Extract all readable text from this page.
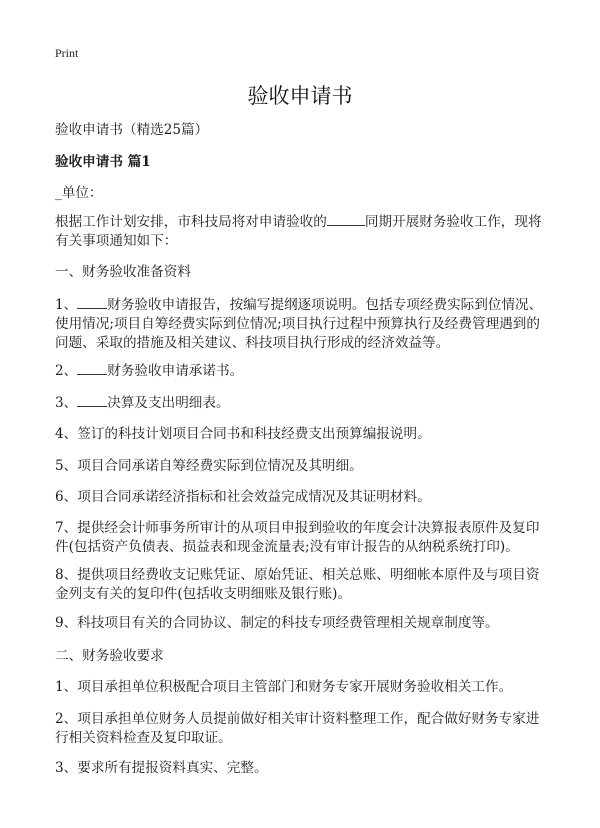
Print
验收申请书

验收申请书（精选25篇）

验收申请书 篇1

_单位：

根据工作计划安排，市科技局将对申请验收的	同期开展财务验收工作，现将有关事项通知如下：

一、财务验收准备资料

1、 财务验收申请报告，按编写提纲逐项说明。包括专项经费实际到位情况、使用情况;项目自筹经费实际到位情况;项目执行过程中预算执行及经费管理遇到的问题、采取的措施及相关建议、科技项目执行形成的经济效益等。

2、 财务验收申请承诺书。

3、 决算及支出明细表。

4、签订的科技计划项目合同书和科技经费支出预算编报说明。

5、项目合同承诺自筹经费实际到位情况及其明细。

6、项目合同承诺经济指标和社会效益完成情况及其证明材料。

7、提供经会计师事务所审计的从项目申报到验收的年度会计决算报表原件及复印件(包括资产负债表、损益表和现金流量表;没有审计报告的从纳税系统打印)。

8、提供项目经费收支记账凭证、原始凭证、相关总账、明细帐本原件及与项目资金列支有关的复印件(包括收支明细账及银行账)。

9、科技项目有关的合同协议、制定的科技专项经费管理相关规章制度等。

二、财务验收要求

1、项目承担单位积极配合项目主管部门和财务专家开展财务验收相关工作。

2、项目承担单位财务人员提前做好相关审计资料整理工作，配合做好财务专家进行相关资料检查及复印取证。

3、要求所有提报资料真实、完整。
